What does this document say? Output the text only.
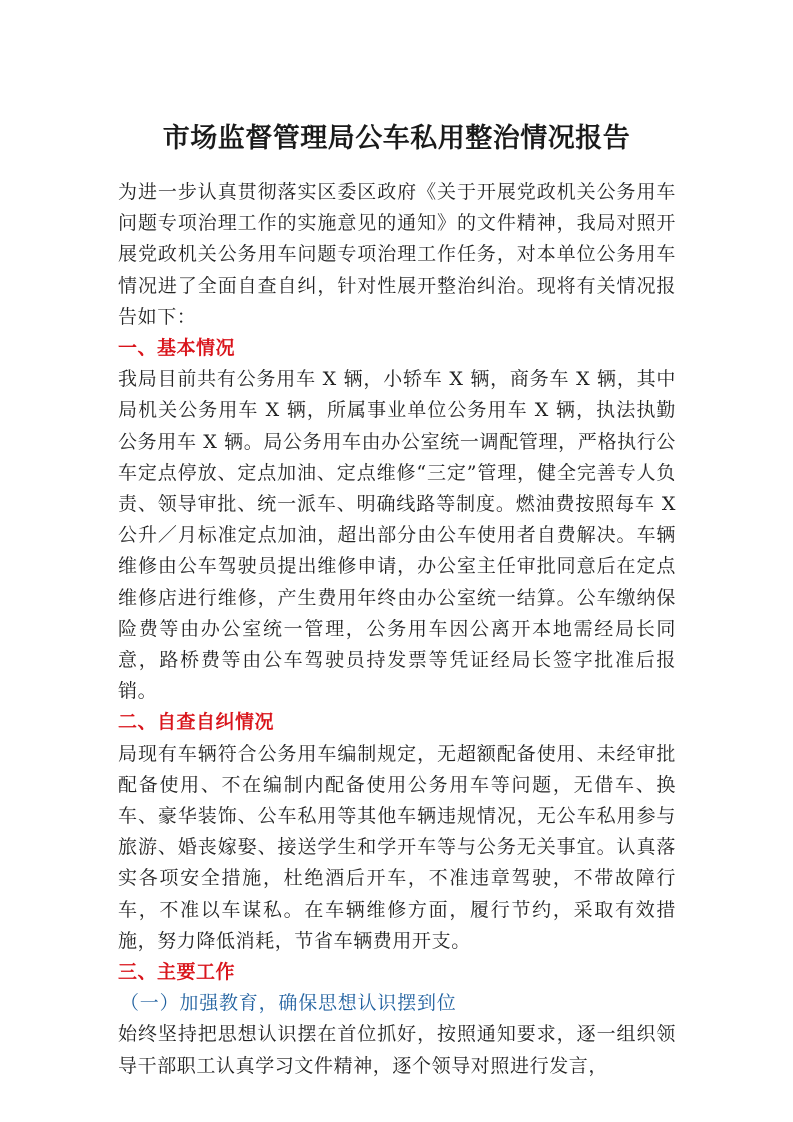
市场监督管理局公车私用整治情况报告

为进一步认真贯彻落实区委区政府《关于开展党政机关公务用车问题专项治理工作的实施意见的通知》的文件精神，我局对照开展党政机关公务用车问题专项治理工作任务，对本单位公务用车情况进了全面自查自纠，针对性展开整治纠治。现将有关情况报告如下：

一、基本情况

我局目前共有公务用车 X 辆，小轿车 X 辆，商务车 X 辆，其中局机关公务用车 X 辆，所属事业单位公务用车 X 辆，执法执勤公务用车 X 辆。局公务用车由办公室统一调配管理，严格执行公车定点停放、定点加油、定点维修“三定”管理，健全完善专人负责、领导审批、统一派车、明确线路等制度。燃油费按照每车 X 公升／月标准定点加油，超出部分由公车使用者自费解决。车辆维修由公车驾驶员提出维修申请，办公室主任审批同意后在定点维修店进行维修，产生费用年终由办公室统一结算。公车缴纳保险费等由办公室统一管理，公务用车因公离开本地需经局长同意，路桥费等由公车驾驶员持发票等凭证经局长签字批准后报销。

二、自查自纠情况

局现有车辆符合公务用车编制规定，无超额配备使用、未经审批配备使用、不在编制内配备使用公务用车等问题，无借车、换车、豪华装饰、公车私用等其他车辆违规情况，无公车私用参与旅游、婚丧嫁娶、接送学生和学开车等与公务无关事宜。认真落实各项安全措施，杜绝酒后开车，不准违章驾驶，不带故障行车，不准以车谋私。在车辆维修方面，履行节约，采取有效措施，努力降低消耗，节省车辆费用开支。

三、主要工作

（一）加强教育，确保思想认识摆到位

始终坚持把思想认识摆在首位抓好，按照通知要求，逐一组织领导干部职工认真学习文件精神，逐个领导对照进行发言，
